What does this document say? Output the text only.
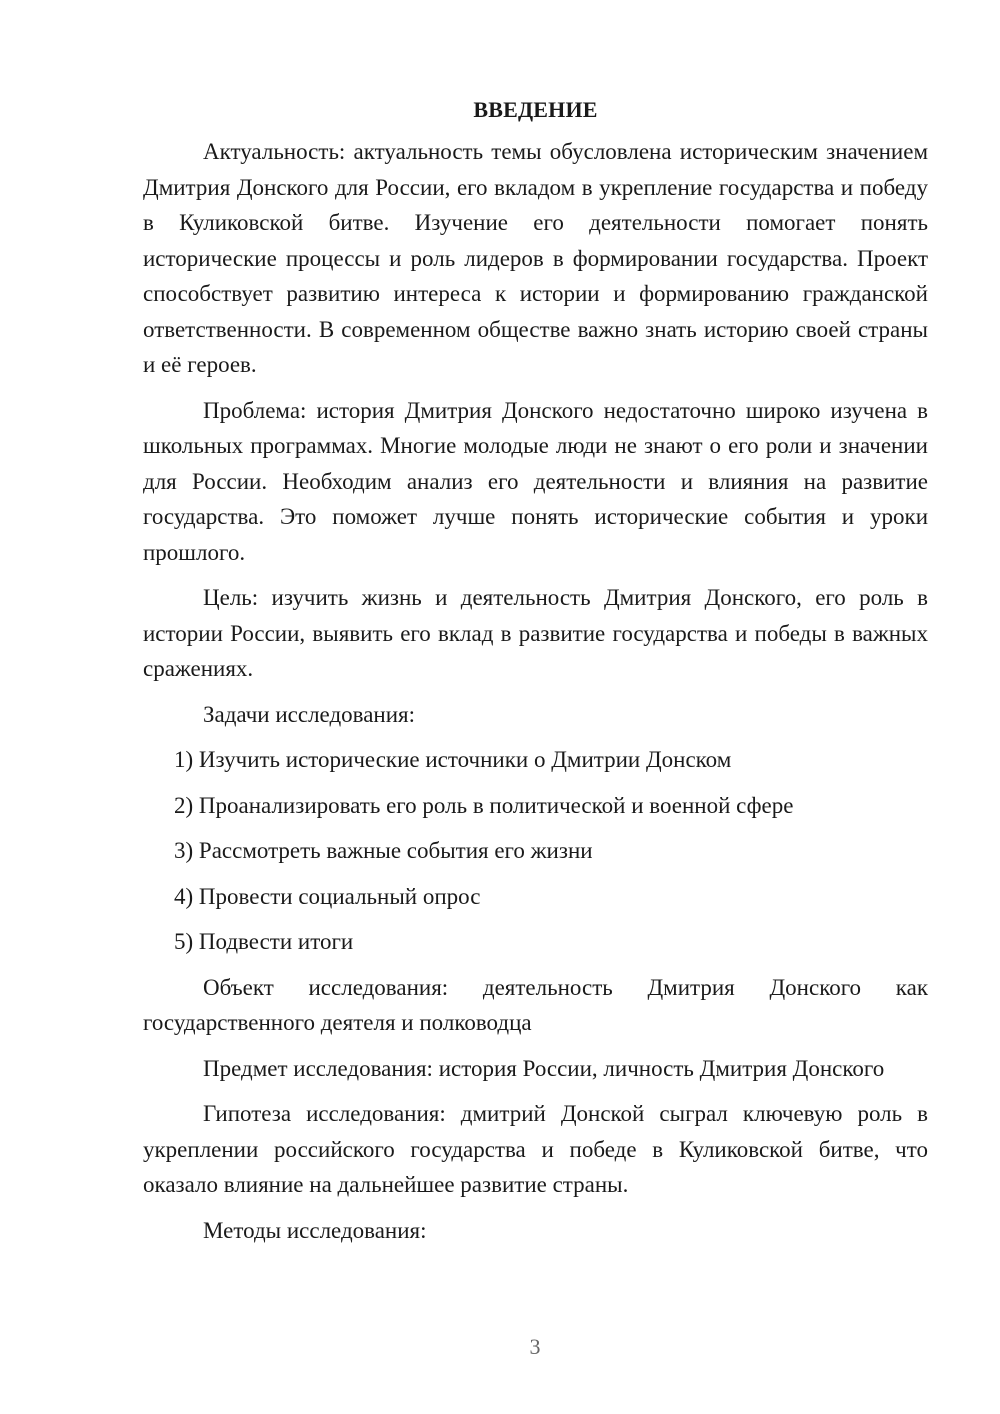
ВВЕДЕНИЕ

Актуальность: актуальность темы обусловлена историческим значением Дмитрия Донского для России, его вкладом в укрепление государства и победу в Куликовской битве. Изучение его деятельности помогает понять исторические процессы и роль лидеров в формировании государства. Проект способствует развитию интереса к истории и формированию гражданской ответственности. В современном обществе важно знать историю своей страны и её героев.

Проблема: история Дмитрия Донского недостаточно широко изучена в школьных программах. Многие молодые люди не знают о его роли и значении для России. Необходим анализ его деятельности и влияния на развитие государства. Это поможет лучше понять исторические события и уроки прошлого.

Цель: изучить жизнь и деятельность Дмитрия Донского, его роль в истории России, выявить его вклад в развитие государства и победы в важных сражениях.

Задачи исследования:

1) Изучить исторические источники о Дмитрии Донском
2) Проанализировать его роль в политической и военной сфере
3) Рассмотреть важные события его жизни
4) Провести социальный опрос
5) Подвести итоги

Объект исследования: деятельность Дмитрия Донского как государственного деятеля и полководца

Предмет исследования: история России, личность Дмитрия Донского

Гипотеза исследования: дмитрий Донской сыграл ключевую роль в укреплении российского государства и победе в Куликовской битве, что оказало влияние на дальнейшее развитие страны.

Методы исследования:

3
